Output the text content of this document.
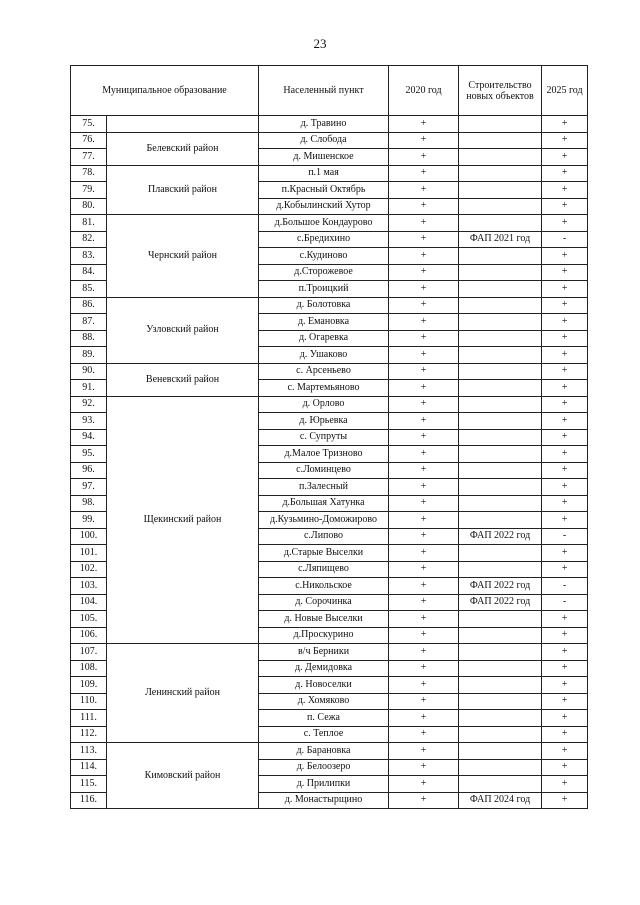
23
Муниципальное образование		Населенный пункт	2020 год	Строительство новых объектов	2025 год
75.		д. Травино	+		+
76.	Белевский район	д. Слобода	+		+
77.		д. Мишенское	+		+
78.	Плавский район	п.1 мая	+		+
79.		п.Красный Октябрь	+		+
80.		д.Кобылинский Хутор	+		+
81.	Чернский район	д.Большое Кондаурово	+		+
82.		с.Бредихино	+	ФАП 2021 год	-
83.		с.Кудиново	+		+
84.		д.Сторожевое	+		+
85.		п.Троицкий	+		+
86.	Узловский район	д. Болотовка	+		+
87.		д. Емановка	+		+
88.		д. Огаревка	+		+
89.		д. Ушаково	+		+
90.	Веневский район	с. Арсеньево	+		+
91.		с. Мартемьяново	+		+
92.	Щекинский район	д. Орлово	+		+
93.		д. Юрьевка	+		+
94.		с. Супруты	+		+
95.		д.Малое Тризново	+		+
96.		с.Ломинцево	+		+
97.		п.Залесный	+		+
98.		д.Большая Хатунка	+		+
99.		д.Кузьмино-Доможирово	+		+
100.		с.Липово	+	ФАП 2022 год	-
101.		д.Старые Выселки	+		+
102.		с.Ляпищево	+		+
103.		с.Никольское	+	ФАП 2022 год	-
104.		д. Сорочинка	+	ФАП 2022 год	-
105.		д. Новые Выселки	+		+
106.		д.Проскурино	+		+
107.	Ленинский район	в/ч Берники	+		+
108.		д. Демидовка	+		+
109.		д. Новоселки	+		+
110.		д. Хомяково	+		+
111.		п. Сежа	+		+
112.		с. Теплое	+		+
113.	Кимовский район	д. Барановка	+		+
114.		д. Белоозеро	+		+
115.		д. Прилипки	+		+
116.		д. Монастырщино	+	ФАП 2024 год	+
